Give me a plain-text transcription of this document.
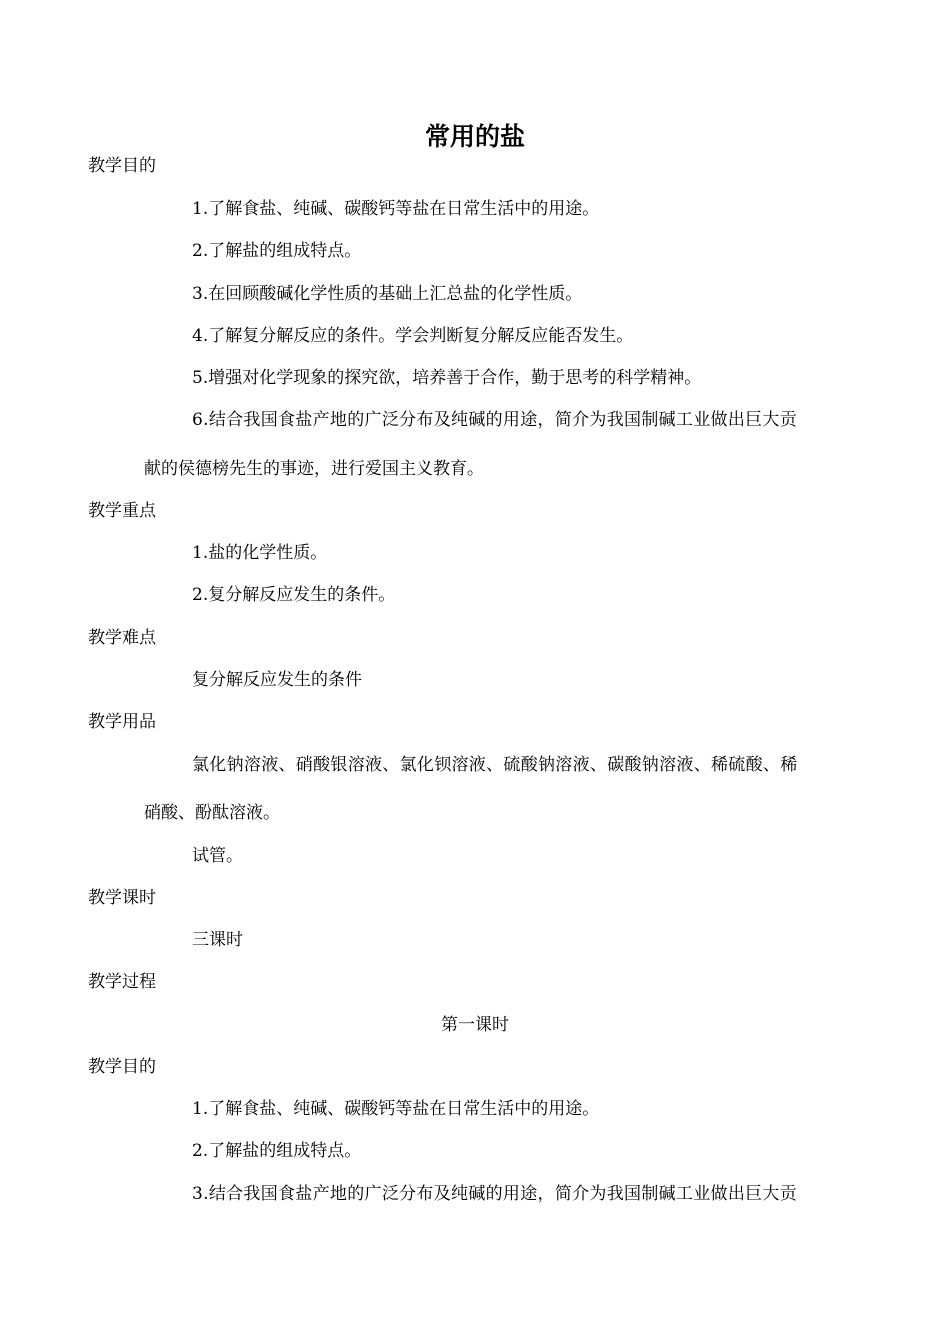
常用的盐
教学目的
1.了解食盐、纯碱、碳酸钙等盐在日常生活中的用途。
2.了解盐的组成特点。
3.在回顾酸碱化学性质的基础上汇总盐的化学性质。
4.了解复分解反应的条件。学会判断复分解反应能否发生。
5.增强对化学现象的探究欲，培养善于合作，勤于思考的科学精神。
6.结合我国食盐产地的广泛分布及纯碱的用途，简介为我国制碱工业做出巨大贡
献的侯德榜先生的事迹，进行爱国主义教育。
教学重点
1.盐的化学性质。
2.复分解反应发生的条件。
教学难点
复分解反应发生的条件
教学用品
氯化钠溶液、硝酸银溶液、氯化钡溶液、硫酸钠溶液、碳酸钠溶液、稀硫酸、稀
硝酸、酚酞溶液。
试管。
教学课时
三课时
教学过程
第一课时
教学目的
1.了解食盐、纯碱、碳酸钙等盐在日常生活中的用途。
2.了解盐的组成特点。
3.结合我国食盐产地的广泛分布及纯碱的用途，简介为我国制碱工业做出巨大贡
